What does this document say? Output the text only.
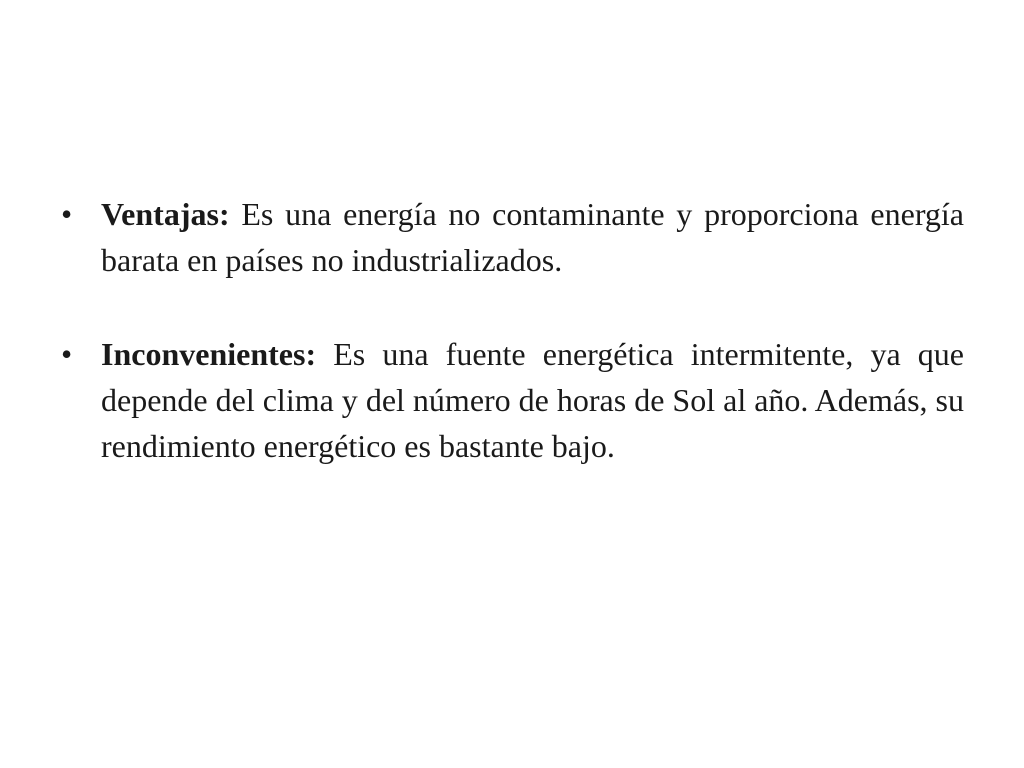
• Ventajas: Es una energía no contaminante y proporciona energía barata en países no industrializados.

• Inconvenientes: Es una fuente energética intermitente, ya que depende del clima y del número de horas de Sol al año. Además, su rendimiento energético es bastante bajo.
